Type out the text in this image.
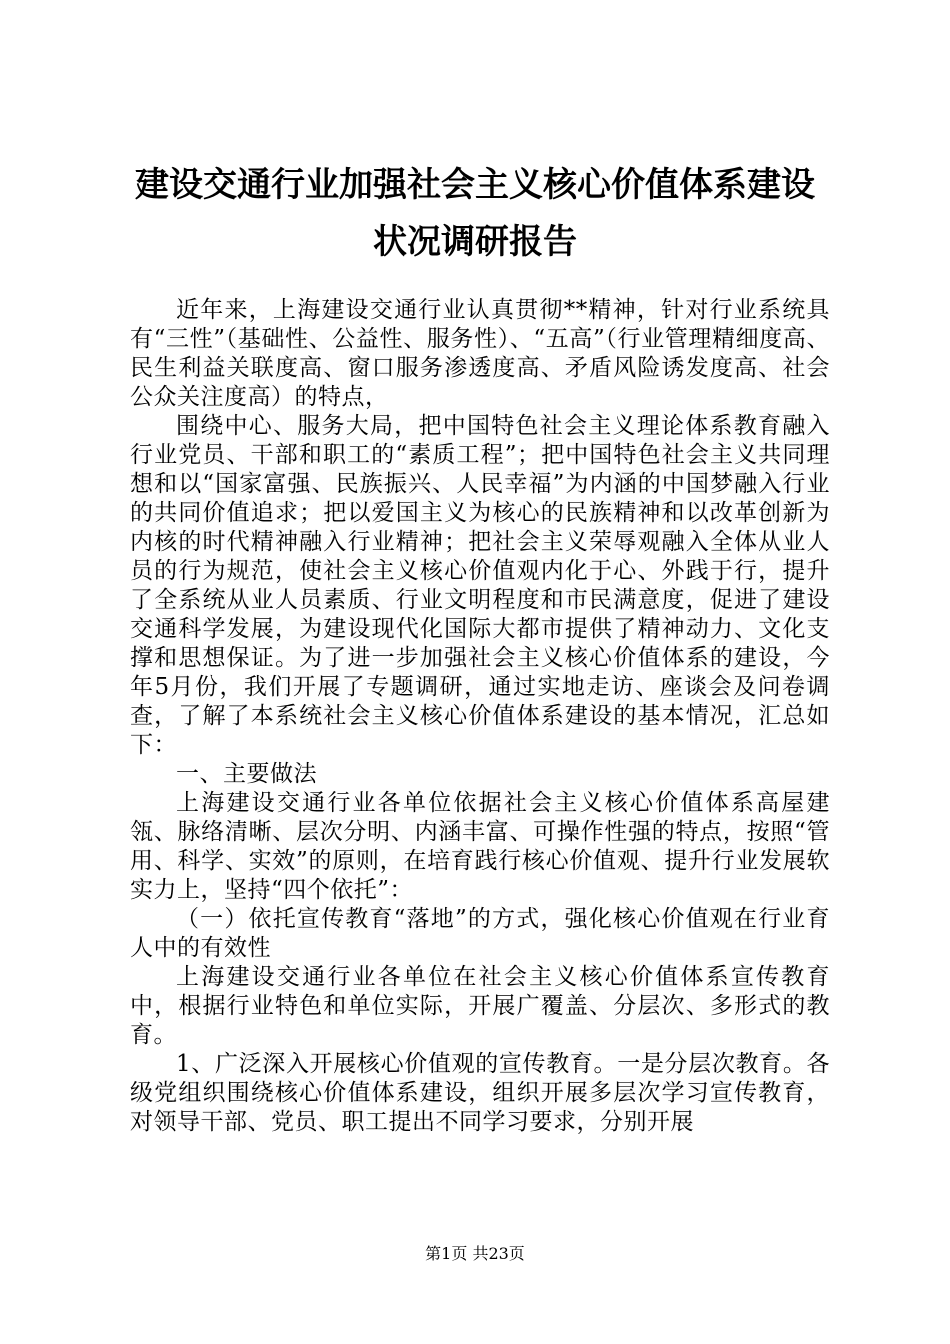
建设交通行业加强社会主义核心价值体系建设
状况调研报告

近年来，上海建设交通行业认真贯彻**精神，针对行业系统具有“三性”（基础性、公益性、服务性）、“五高”（行业管理精细度高、民生利益关联度高、窗口服务渗透度高、矛盾风险诱发度高、社会公众关注度高）的特点，

围绕中心、服务大局，把中国特色社会主义理论体系教育融入行业党员、干部和职工的“素质工程”；把中国特色社会主义共同理想和以“国家富强、民族振兴、人民幸福”为内涵的中国梦融入行业的共同价值追求；把以爱国主义为核心的民族精神和以改革创新为内核的时代精神融入行业精神；把社会主义荣辱观融入全体从业人员的行为规范，使社会主义核心价值观内化于心、外践于行，提升了全系统从业人员素质、行业文明程度和市民满意度，促进了建设交通科学发展，为建设现代化国际大都市提供了精神动力、文化支撑和思想保证。为了进一步加强社会主义核心价值体系的建设，今年5月份，我们开展了专题调研，通过实地走访、座谈会及问卷调查，了解了本系统社会主义核心价值体系建设的基本情况，汇总如下：

一、主要做法

上海建设交通行业各单位依据社会主义核心价值体系高屋建瓴、脉络清晰、层次分明、内涵丰富、可操作性强的特点，按照“管用、科学、实效”的原则，在培育践行核心价值观、提升行业发展软实力上，坚持“四个依托”：

（一）依托宣传教育“落地”的方式，强化核心价值观在行业育人中的有效性

上海建设交通行业各单位在社会主义核心价值体系宣传教育中，根据行业特色和单位实际，开展广覆盖、分层次、多形式的教育。

1、广泛深入开展核心价值观的宣传教育。一是分层次教育。各级党组织围绕核心价值体系建设，组织开展多层次学习宣传教育，对领导干部、党员、职工提出不同学习要求，分别开展

第1页 共23页
